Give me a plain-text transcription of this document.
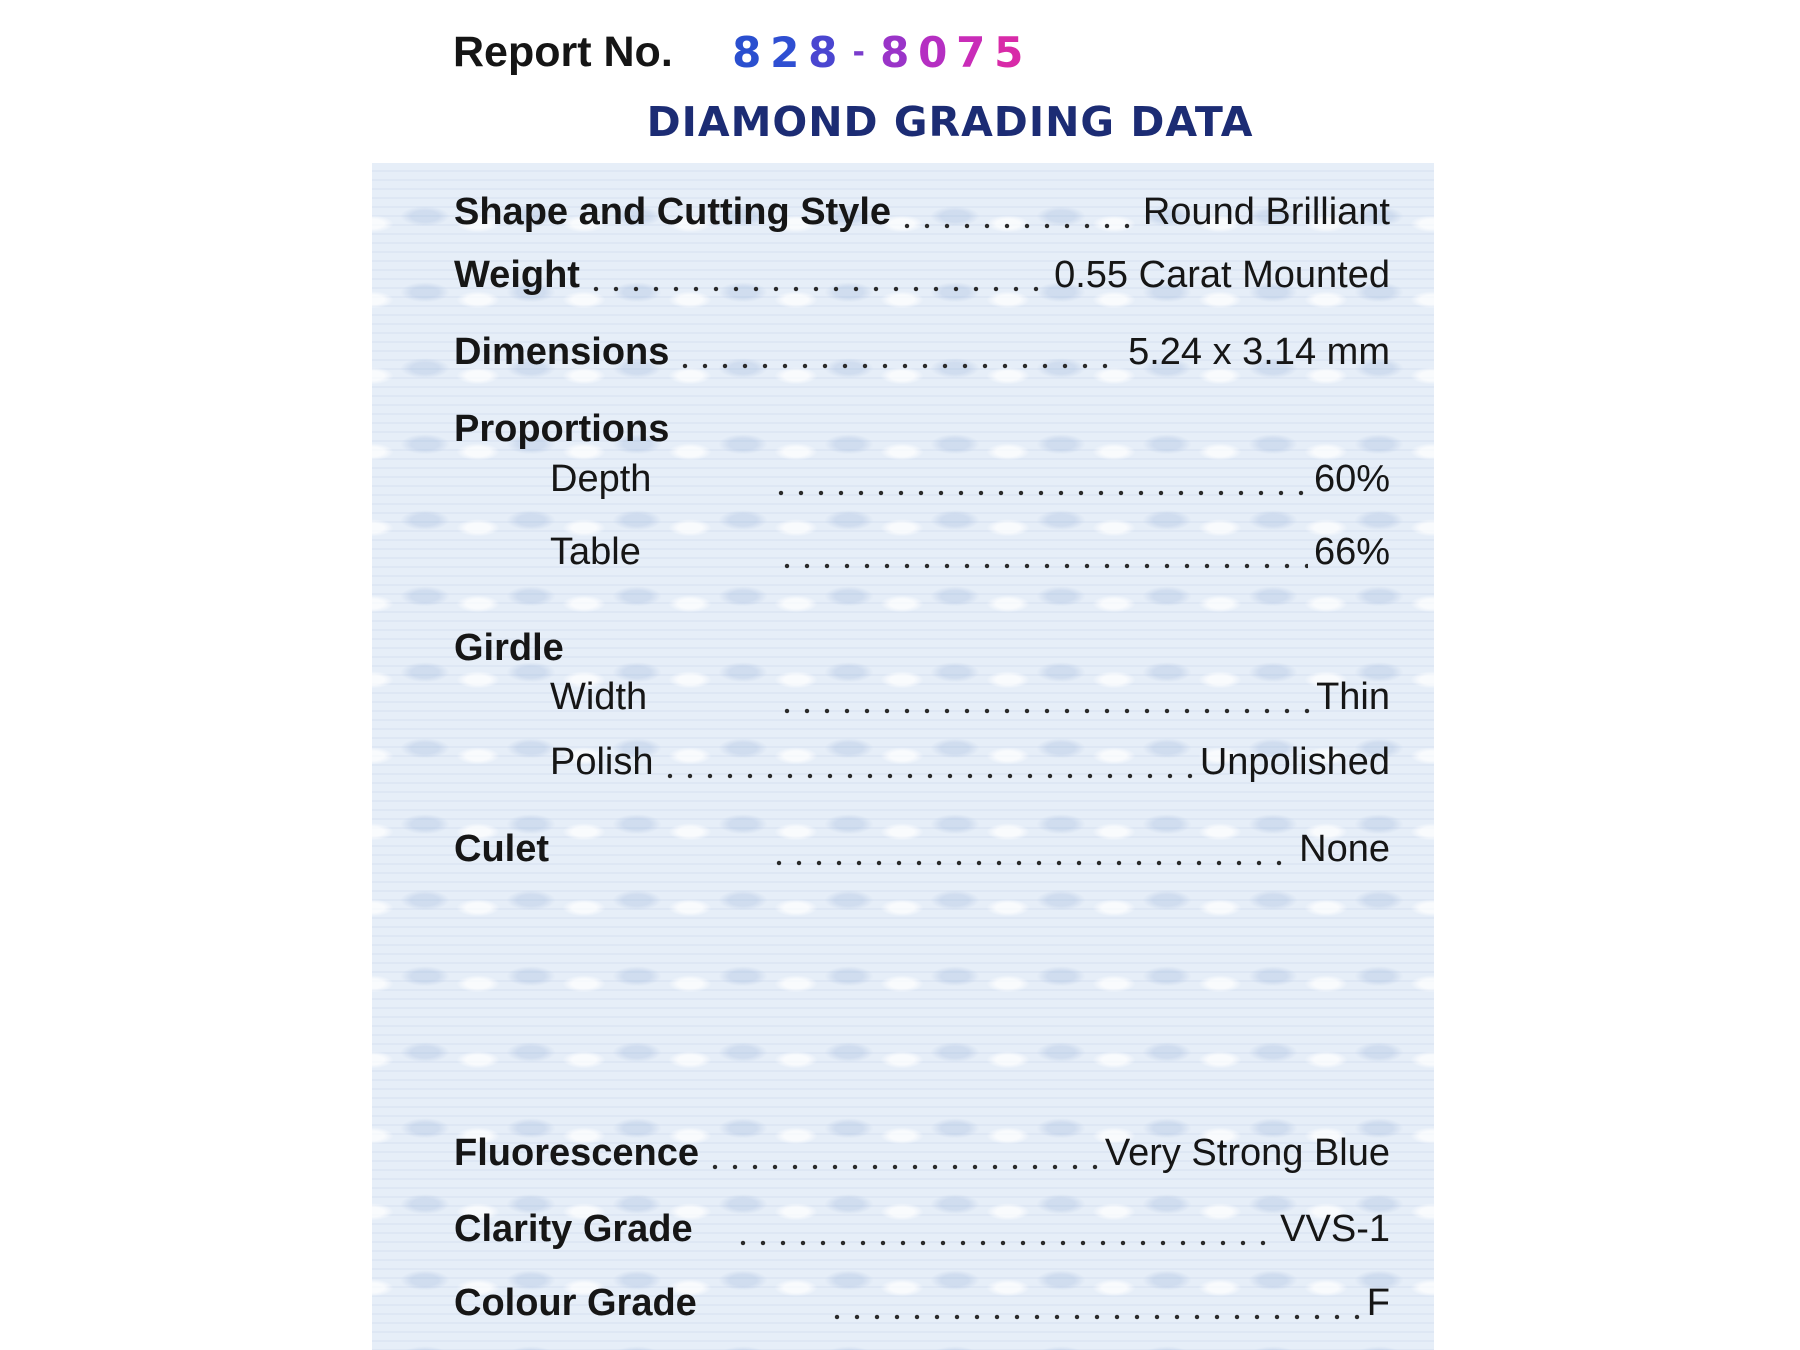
Report No. 8 2 8 - 8 0 7 5
DIAMOND GRADING DATA
Shape and Cutting Style	Round Brilliant
Weight	0.55 Carat Mounted
Dimensions	5.24 x 3.14 mm
Proportions
Depth	60%
Table	66%
Girdle
Width	Thin
Polish	Unpolished
Culet	None
Fluorescence	Very Strong Blue
Clarity Grade	VVS-1
Colour Grade	F
